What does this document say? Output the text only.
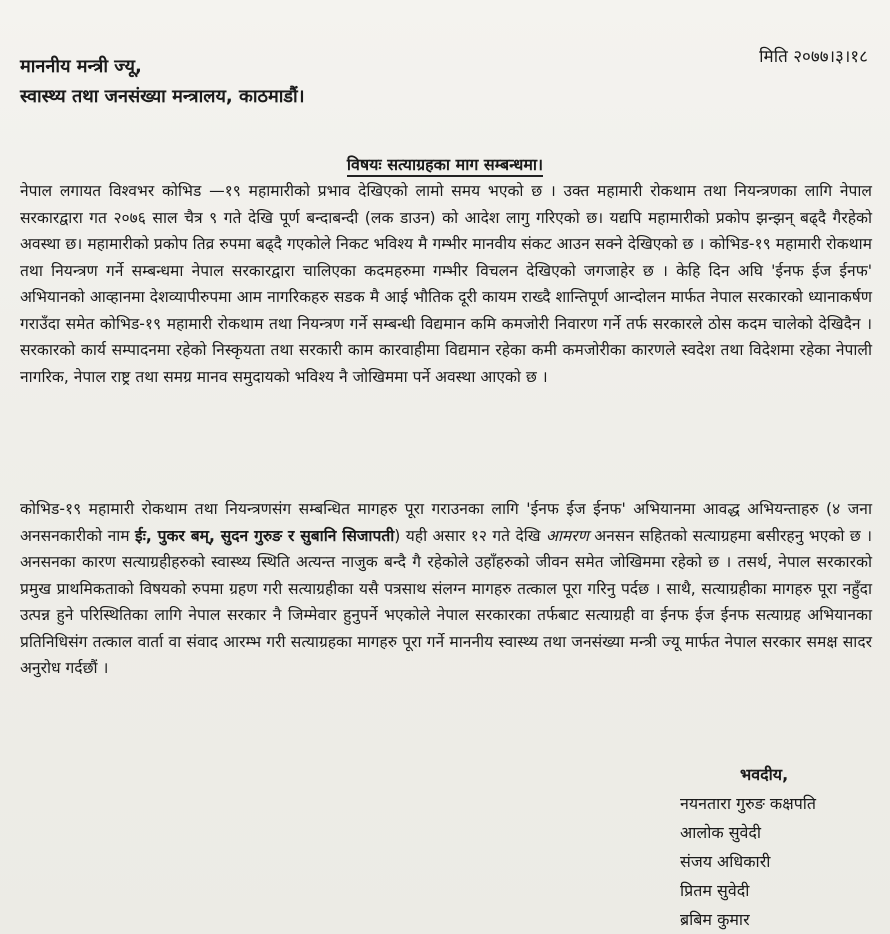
मिति २०७७।३।१८
माननीय मन्त्री ज्यू,
स्वास्थ्य तथा जनसंख्या मन्त्रालय, काठमाडौं।
विषयः सत्याग्रहका माग सम्बन्धमा।
नेपाल लगायत विश्वभर कोभिड —१९ महामारीको प्रभाव देखिएको लामो समय भएको छ । उक्त महामारी रोकथाम तथा नियन्त्रणका लागि नेपाल सरकारद्वारा गत २०७६ साल चैत्र ९ गते देखि पूर्ण बन्दाबन्दी (लक डाउन) को आदेश लागु गरिएको छ। यद्यपि महामारीको प्रकोप झन्झन् बढ्दै गैरहेको अवस्था छ। महामारीको प्रकोप तिव्र रुपमा बढ्दै गएकोले निकट भविश्य मै गम्भीर मानवीय संकट आउन सक्ने देखिएको छ । कोभिड-१९ महामारी रोकथाम तथा नियन्त्रण गर्ने सम्बन्धमा नेपाल सरकारद्वारा चालिएका कदमहरुमा गम्भीर विचलन देखिएको जगजाहेर छ । केहि दिन अघि 'ईनफ ईज ईनफ' अभियानको आव्हानमा देशव्यापीरुपमा आम नागरिकहरु सडक मै आई भौतिक दूरी कायम राख्दै शान्तिपूर्ण आन्दोलन मार्फत नेपाल सरकारको ध्यानाकर्षण गराउँदा समेत कोभिड-१९ महामारी रोकथाम तथा नियन्त्रण गर्ने सम्बन्धी विद्यमान कमि कमजोरी निवारण गर्ने तर्फ सरकारले ठोस कदम चालेको देखिदैन । सरकारको कार्य सम्पादनमा रहेको निस्कृयता तथा सरकारी काम कारवाहीमा विद्यमान रहेका कमी कमजोरीका कारणले स्वदेश तथा विदेशमा रहेका नेपाली नागरिक, नेपाल राष्ट्र तथा समग्र मानव समुदायको भविश्य नै जोखिममा पर्ने अवस्था आएको छ ।
कोभिड-१९ महामारी रोकथाम तथा नियन्त्रणसंग सम्बन्धित मागहरु पूरा गराउनका लागि 'ईनफ ईज ईनफ' अभियानमा आवद्ध अभियन्ताहरु (४ जना अनसनकारीको नाम ईः, पुकर बम्, सुदन गुरुङ र सुबानि सिजापती) यही असार १२ गते देखि आमरण अनसन सहितको सत्याग्रहमा बसीरहनु भएको छ । अनसनका कारण सत्याग्रहीहरुको स्वास्थ्य स्थिति अत्यन्त नाजुक बन्दै गै रहेकोले उहाँहरुको जीवन समेत जोखिममा रहेको छ । तसर्थ, नेपाल सरकारको प्रमुख प्राथमिकताको विषयको रुपमा ग्रहण गरी सत्याग्रहीका यसै पत्रसाथ संलग्न मागहरु तत्काल पूरा गरिनु पर्दछ । साथै, सत्याग्रहीका मागहरु पूरा नहुँदा उत्पन्न हुने परिस्थितिका लागि नेपाल सरकार नै जिम्मेवार हुनुपर्ने भएकोले नेपाल सरकारका तर्फबाट सत्याग्रही वा ईनफ ईज ईनफ सत्याग्रह अभियानका प्रतिनिधिसंग तत्काल वार्ता वा संवाद आरम्भ गरी सत्याग्रहका मागहरु पूरा गर्ने माननीय स्वास्थ्य तथा जनसंख्या मन्त्री ज्यू मार्फत नेपाल सरकार समक्ष सादर अनुरोध गर्दछौं ।
भवदीय,
नयनतारा गुरुङ कक्षपति
आलोक सुवेदी
संजय अधिकारी
प्रितम सुवेदी
ब्रबिम कुमार
